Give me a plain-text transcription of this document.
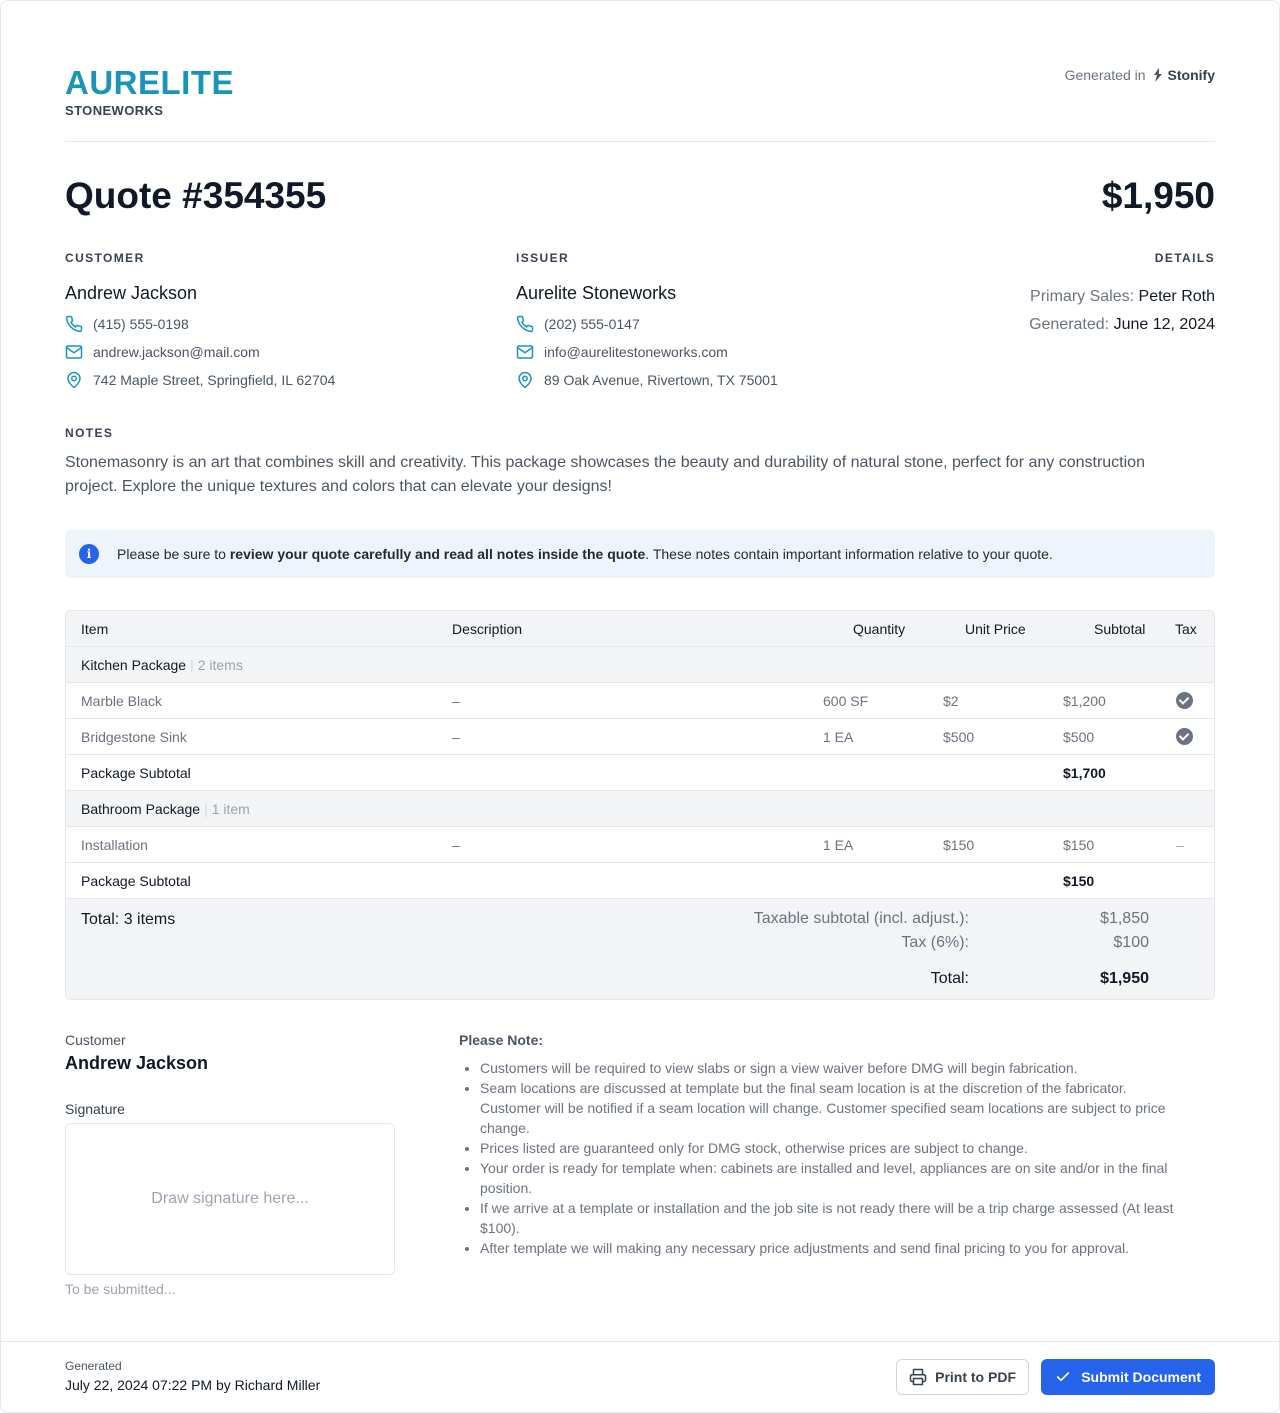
AURELITE
STONEWORKS
Generated in Stonify
Quote #354355	$1,950
CUSTOMER
Andrew Jackson
(415) 555-0198
andrew.jackson@mail.com
742 Maple Street, Springfield, IL 62704
ISSUER
Aurelite Stoneworks
(202) 555-0147
info@aurelitestoneworks.com
89 Oak Avenue, Rivertown, TX 75001
DETAILS
Primary Sales: Peter Roth
Generated: June 12, 2024
NOTES
Stonemasonry is an art that combines skill and creativity. This package showcases the beauty and durability of natural stone, perfect for any construction project. Explore the unique textures and colors that can elevate your designs!
i	Please be sure to review your quote carefully and read all notes inside the quote. These notes contain important information relative to your quote.
Item	Description	Quantity	Unit Price	Subtotal Tax
Kitchen Package | 2 items
Marble Black	–	600 SF	$2	$1,200
Bridgestone Sink	–	1 EA	$500	$500
Package Subtotal	$1,700
Bathroom Package | 1 item
Installation	–	1 EA	$150	$150	–
Package Subtotal	$150
Total: 3 items	Taxable subtotal (incl. adjust.):	$1,850
Tax (6%):	$100
Total:	$1,950
Customer
Andrew Jackson
Signature
Draw signature here...
To be submitted...
Please Note:
• Customers will be required to view slabs or sign a view waiver before DMG will begin fabrication.
• Seam locations are discussed at template but the final seam location is at the discretion of the fabricator. Customer will be notified if a seam location will change. Customer specified seam locations are subject to price change.
• Prices listed are guaranteed only for DMG stock, otherwise prices are subject to change.
• Your order is ready for template when: cabinets are installed and level, appliances are on site and/or in the final position.
• If we arrive at a template or installation and the job site is not ready there will be a trip charge assessed (At least $100).
• After template we will making any necessary price adjustments and send final pricing to you for approval.
Generated
July 22, 2024 07:22 PM by Richard Miller	Print to PDF	Submit Document
